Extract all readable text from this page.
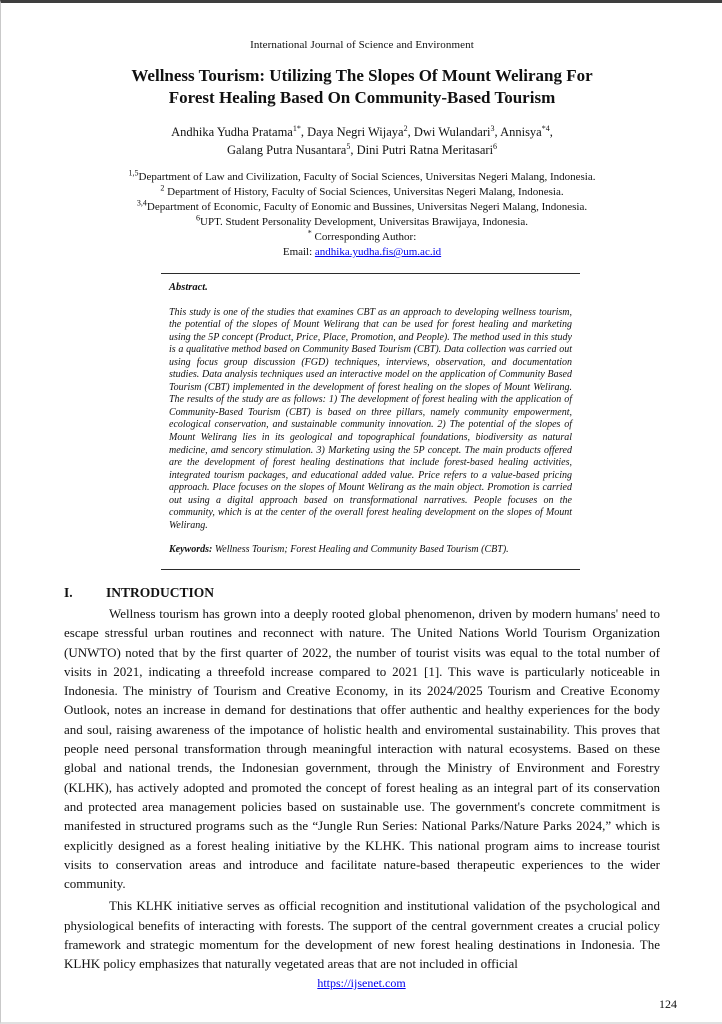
International Journal of Science and Environment
Wellness Tourism: Utilizing The Slopes Of Mount Welirang For
Forest Healing Based On Community-Based Tourism
Andhika Yudha Pratama$^{1*}$, Daya Negri Wijaya$^2$, Dwi Wulandari$^3$, Annisya$^{*4}$,
Galang Putra Nusantara$^5$, Dini Putri Ratna Meritasari$^6$
$^{1,5}$Department of Law and Civilization, Faculty of Social Sciences, Universitas Negeri Malang, Indonesia.
$^2$ Department of History, Faculty of Social Sciences, Universitas Negeri Malang, Indonesia.
$^{3,4}$Department of Economic, Faculty of Eonomic and Bussines, Universitas Negeri Malang, Indonesia.
$^6$UPT. Student Personality Development, Universitas Brawijaya, Indonesia.
* Corresponding Author:
Email: andhika.yudha.fis@um.ac.id
Abstract.
This study is one of the studies that examines CBT as an approach to developing wellness tourism, the potential of the slopes of Mount Welirang that can be used for forest healing and marketing using the 5P concept (Product, Price, Place, Promotion, and People). The method used in this study is a qualitative method based on Community Based Tourism (CBT). Data collection was carried out using focus group discussion (FGD) techniques, interviews, observation, and documentation studies. Data analysis techniques used an interactive model on the application of Community Based Tourism (CBT) implemented in the development of forest healing on the slopes of Mount Welirang. The results of the study are as follows: 1) The development of forest healing with the application of Community-Based Tourism (CBT) is based on three pillars, namely community empowerment, ecological conservation, and sustainable community innovation. 2) The potential of the slopes of Mount Welirang lies in its geological and topographical foundations, biodiversity as natural medicine, amd sencory stimulation. 3) Marketing using the 5P concept. The main products offered are the development of forest healing destinations that include forest-based healing activities, integrated tourism packages, and educational added value. Price refers to a value-based pricing approach. Place focuses on the slopes of Mount Welirang as the main object. Promotion is carried out using a digital approach based on transformational narratives. People focuses on the community, which is at the center of the overall forest healing development on the slopes of Mount Welirang.
Keywords: Wellness Tourism; Forest Healing and Community Based Tourism (CBT).
I. INTRODUCTION

Wellness tourism has grown into a deeply rooted global phenomenon, driven by modern humans' need to escape stressful urban routines and reconnect with nature. The United Nations World Tourism Organization (UNWTO) noted that by the first quarter of 2022, the number of tourist visits was equal to the total number of visits in 2021, indicating a threefold increase compared to 2021 [1]. This wave is particularly noticeable in Indonesia. The ministry of Tourism and Creative Economy, in its 2024/2025 Tourism and Creative Economy Outlook, notes an increase in demand for destinations that offer authentic and healthy experiences for the body and soul, raising awareness of the impotance of holistic health and enviromental sustainability. This proves that people need personal transformation through meaningful interaction with natural ecosystems. Based on these global and national trends, the Indonesian government, through the Ministry of Environment and Forestry (KLHK), has actively adopted and promoted the concept of forest healing as an integral part of its conservation and protected area management policies based on sustainable use. The government's concrete commitment is manifested in structured programs such as the “Jungle Run Series: National Parks/Nature Parks 2024,” which is explicitly designed as a forest healing initiative by the KLHK. This national program aims to increase tourist visits to conservation areas and introduce and facilitate nature-based therapeutic experiences to the wider community.

This KLHK initiative serves as official recognition and institutional validation of the psychological and physiological benefits of interacting with forests. The support of the central government creates a crucial policy framework and strategic momentum for the development of new forest healing destinations in Indonesia. The KLHK policy emphasizes that naturally vegetated areas that are not included in official

https://ijsenet.com
124
